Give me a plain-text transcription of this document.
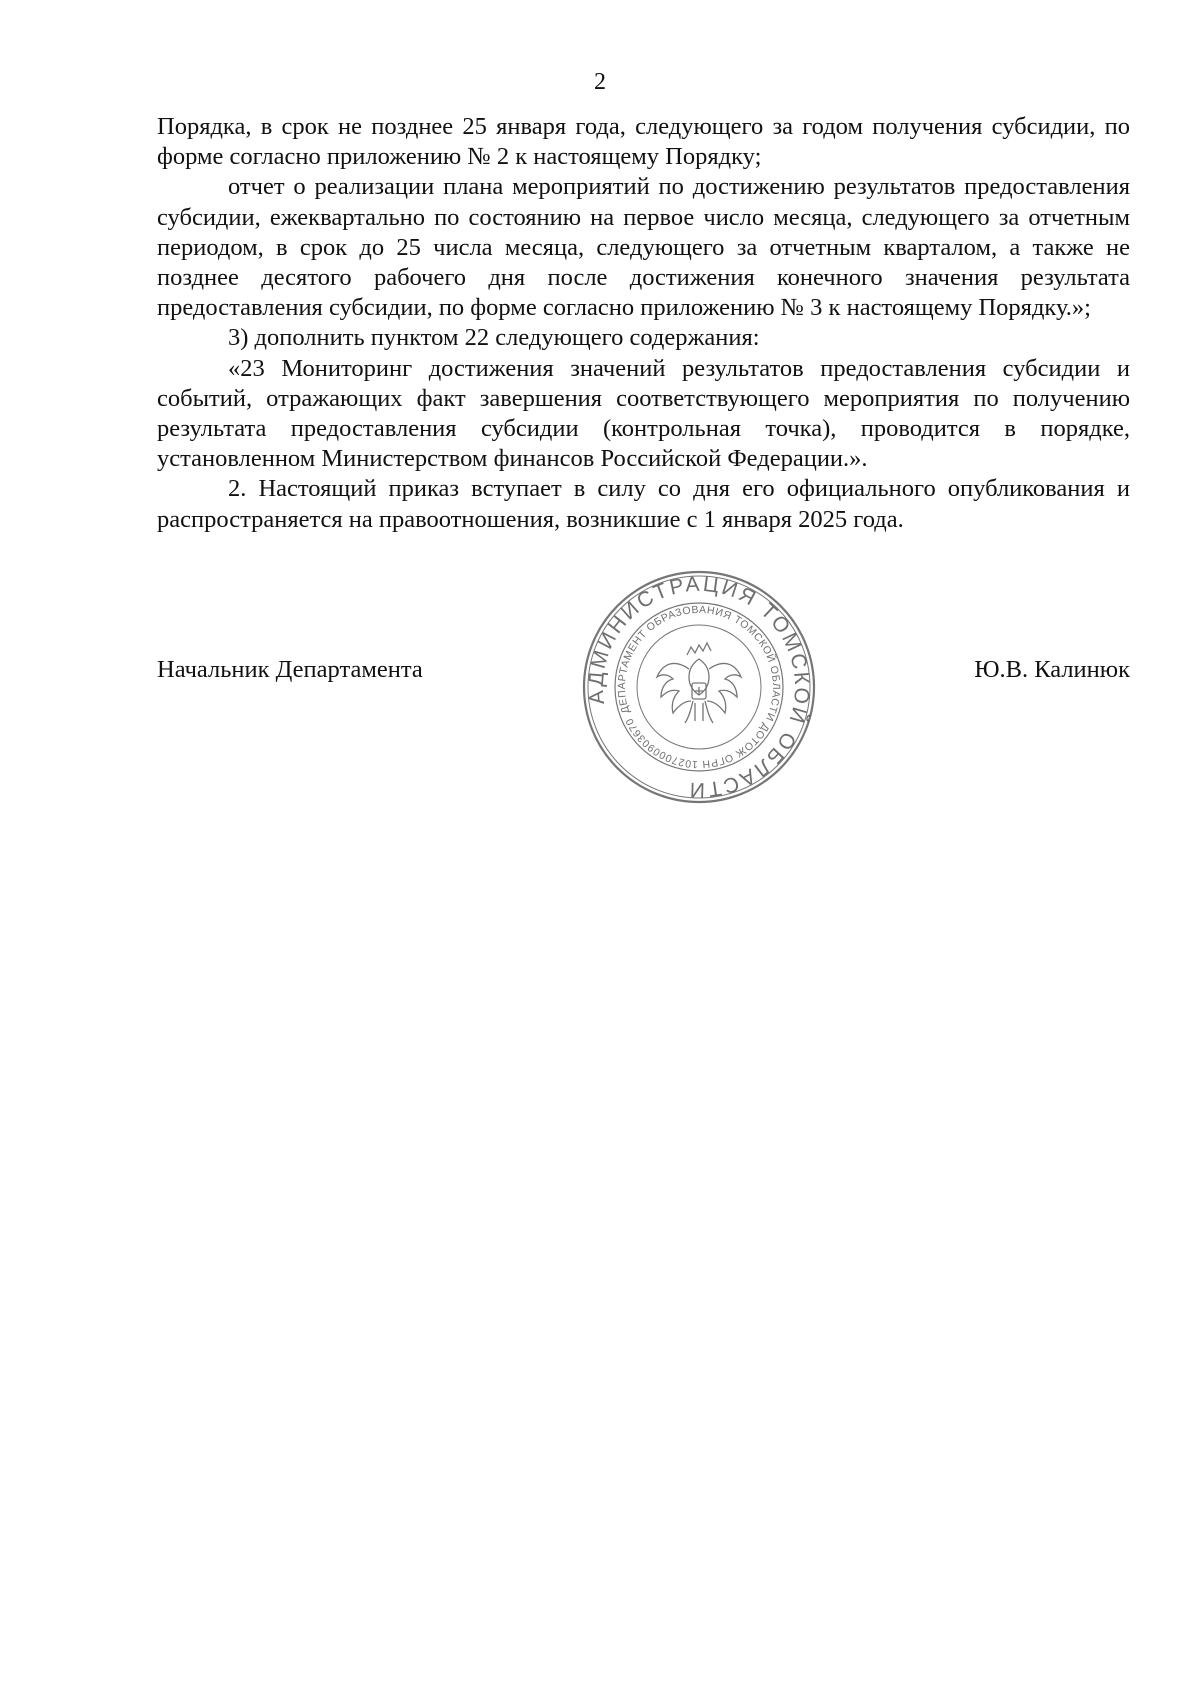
2

Порядка, в срок не позднее 25 января года, следующего за годом получения субсидии, по форме согласно приложению № 2 к настоящему Порядку;

отчет о реализации плана мероприятий по достижению результатов предоставления субсидии, ежеквартально по состоянию на первое число месяца, следующего за отчетным периодом, в срок до 25 числа месяца, следующего за отчетным кварталом, а также не позднее десятого рабочего дня после достижения конечного значения результата предоставления субсидии, по форме согласно приложению № 3 к настоящему Порядку.»;

3) дополнить пунктом 22 следующего содержания:

«23 Мониторинг достижения значений результатов предоставления субсидии и событий, отражающих факт завершения соответствующего мероприятия по получению результата предоставления субсидии (контрольная точка), проводится в порядке, установленном Министерством финансов Российской Федерации.».

2. Настоящий приказ вступает в силу со дня его официального опубликования и распространяется на правоотношения, возникшие с 1 января 2025 года.

Начальник Департамента
АДМИНИСТРАЦИЯ ТОМСКОЙ ОБЛАСТИ
ДЕПАРТАМЕНТ ОБРАЗОВАНИЯ ТОМСКОЙ ОБЛАСТИ ДОТОЖ ОГРН 1027000903670
Ю.В. Калинюк
